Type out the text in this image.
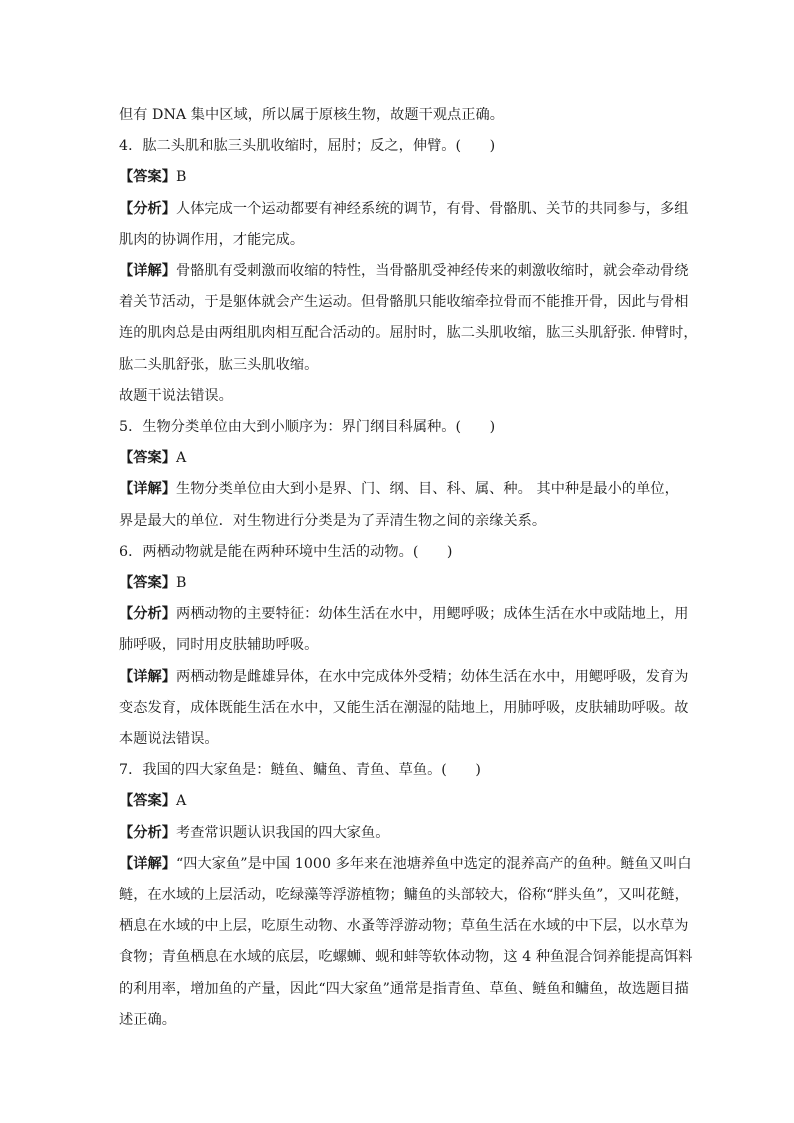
但有 DNA 集中区域，所以属于原核生物，故题干观点正确。
4．肱二头肌和肱三头肌收缩时，屈肘；反之，伸臂。(　　)
【答案】B
【分析】人体完成一个运动都要有神经系统的调节，有骨、骨骼肌、关节的共同参与，多组
肌肉的协调作用，才能完成。
【详解】骨骼肌有受刺激而收缩的特性，当骨骼肌受神经传来的刺激收缩时，就会牵动骨绕
着关节活动，于是躯体就会产生运动。但骨骼肌只能收缩牵拉骨而不能推开骨，因此与骨相
连的肌肉总是由两组肌肉相互配合活动的。屈肘时，肱二头肌收缩，肱三头肌舒张. 伸臂时，
肱二头肌舒张，肱三头肌收缩。
故题干说法错误。
5．生物分类单位由大到小顺序为：界门纲目科属种。(　　)
【答案】A
【详解】生物分类单位由大到小是界、门、纲、目、科、属、种。 其中种是最小的单位，
界是最大的单位．对生物进行分类是为了弄清生物之间的亲缘关系。
6．两栖动物就是能在两种环境中生活的动物。(　　)
【答案】B
【分析】两栖动物的主要特征：幼体生活在水中，用鳃呼吸；成体生活在水中或陆地上，用
肺呼吸，同时用皮肤辅助呼吸。
【详解】两栖动物是雌雄异体，在水中完成体外受精；幼体生活在水中，用鳃呼吸，发育为
变态发育，成体既能生活在水中，又能生活在潮湿的陆地上，用肺呼吸，皮肤辅助呼吸。故
本题说法错误。
7．我国的四大家鱼是：鲢鱼、鳙鱼、青鱼、草鱼。(　　)
【答案】A
【分析】考查常识题认识我国的四大家鱼。
【详解】“四大家鱼”是中国 1000 多年来在池塘养鱼中选定的混养高产的鱼种。鲢鱼又叫白
鲢，在水域的上层活动，吃绿藻等浮游植物；鳙鱼的头部较大，俗称“胖头鱼”，又叫花鲢，
栖息在水域的中上层，吃原生动物、水蚤等浮游动物；草鱼生活在水域的中下层，以水草为
食物；青鱼栖息在水域的底层，吃螺蛳、蚬和蚌等软体动物，这 4 种鱼混合饲养能提高饵料
的利用率，增加鱼的产量，因此“四大家鱼”通常是指青鱼、草鱼、鲢鱼和鳙鱼，故选题目描
述正确。
